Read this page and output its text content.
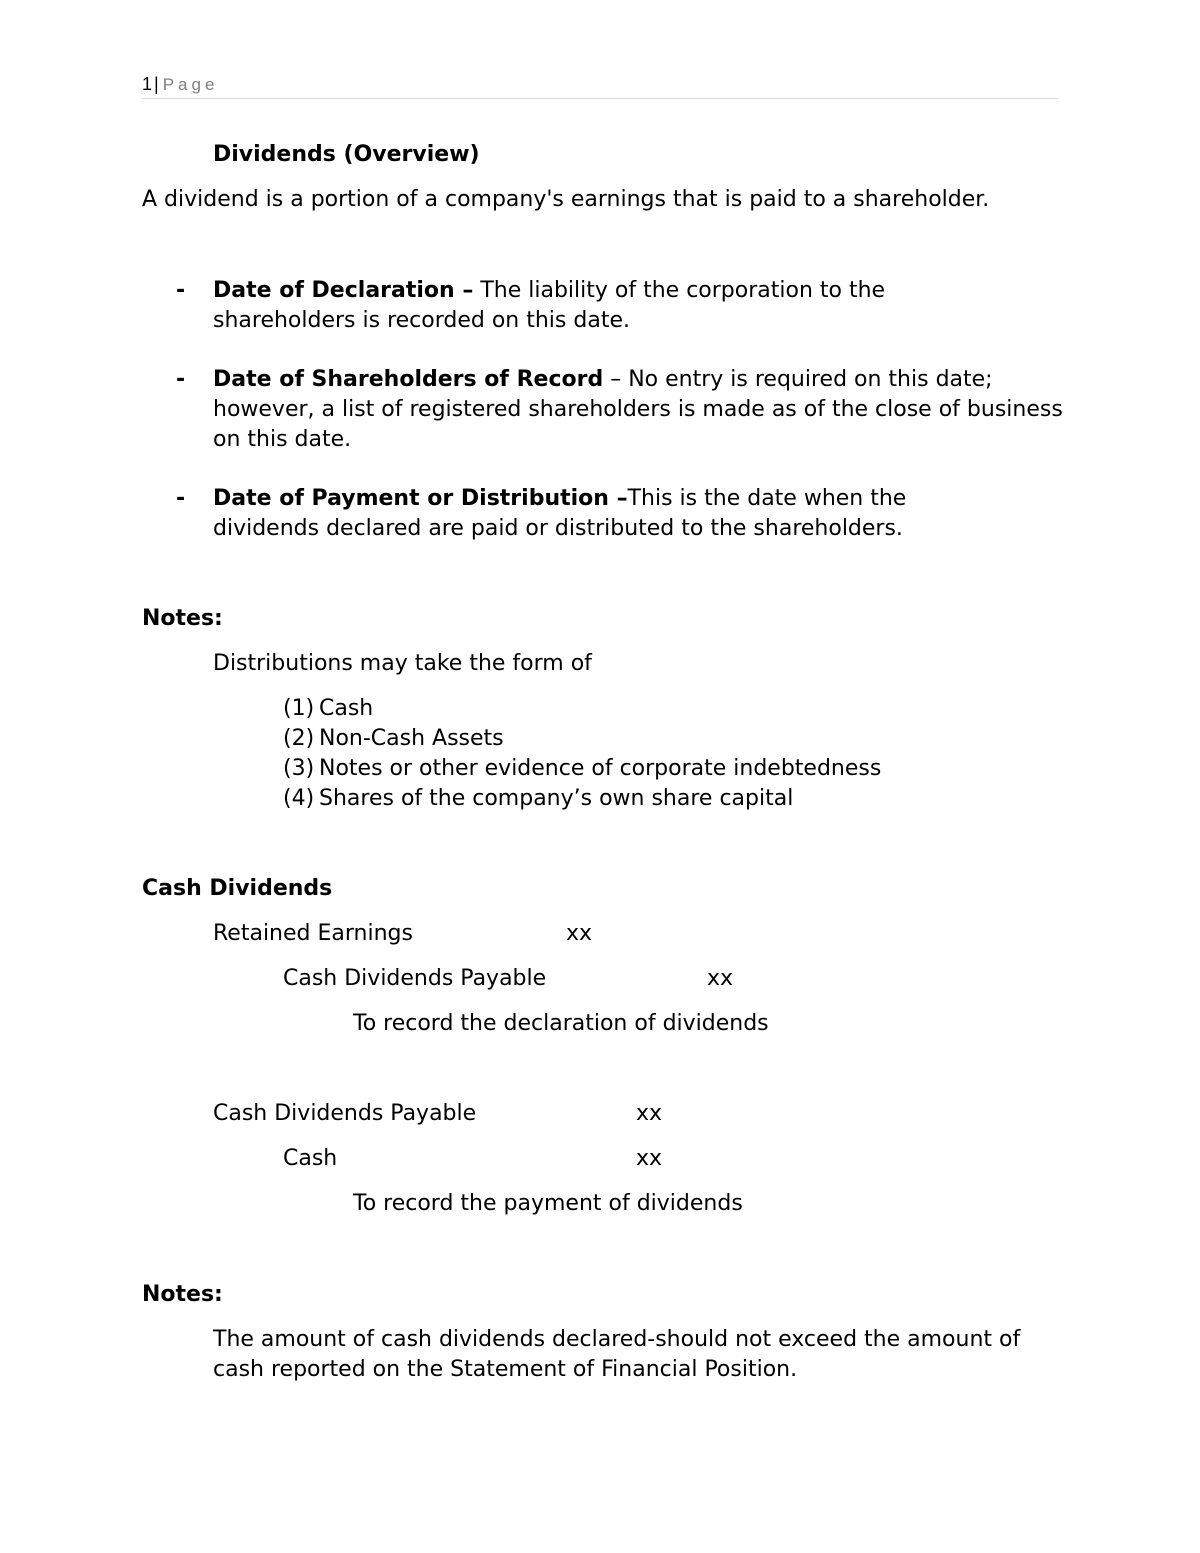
1 | Page
Dividends (Overview)
A dividend is a portion of a company's earnings that is paid to a shareholder.
- Date of Declaration – The liability of the corporation to the shareholders is recorded on this date.
- Date of Shareholders of Record – No entry is required on this date; however, a list of registered shareholders is made as of the close of business on this date.
- Date of Payment or Distribution –This is the date when the dividends declared are paid or distributed to the shareholders.
Notes:
Distributions may take the form of
(1) Cash
(2) Non-Cash Assets
(3) Notes or other evidence of corporate indebtedness
(4) Shares of the company’s own share capital
Cash Dividends
Retained Earnings	xx
Cash Dividends Payable	xx
To record the declaration of dividends
Cash Dividends Payable	xx
Cash	xx
To record the payment of dividends
Notes:
The amount of cash dividends declared-should not exceed the amount of cash reported on the Statement of Financial Position.
